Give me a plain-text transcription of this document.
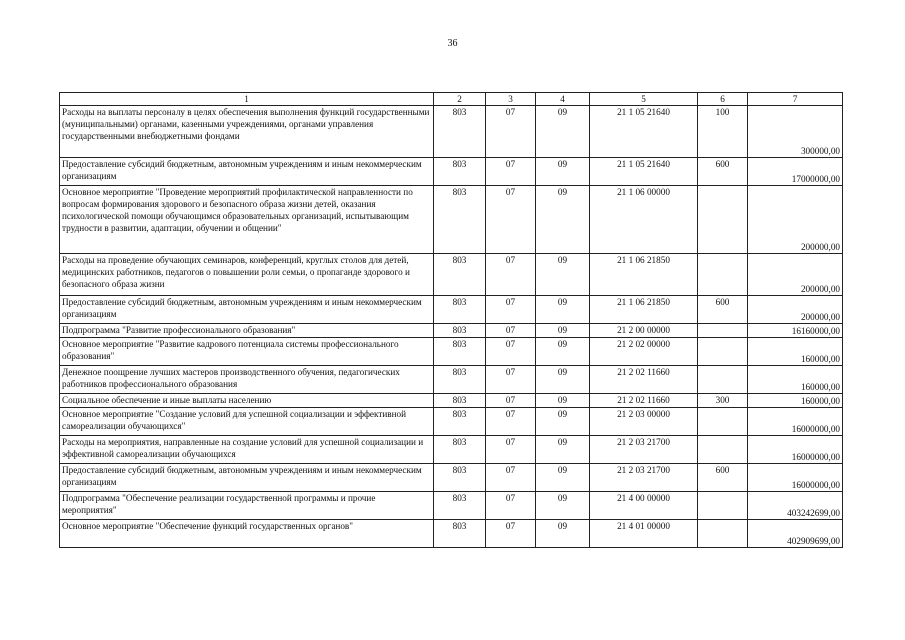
36
1	2	3	4	5	6	7
Расходы на выплаты персоналу в целях обеспечения выполнения функций государственными (муниципальными) органами, казенными учреждениями, органами управления государственными внебюджетными фондами	803	07	09	21 1 05 21640	100	300000,00
Предоставление субсидий бюджетным, автономным учреждениям и иным некоммерческим организациям	803	07	09	21 1 05 21640	600	17000000,00
Основное мероприятие "Проведение мероприятий профилактической направленности по вопросам формирования здорового и безопасного образа жизни детей, оказания психологической помощи обучающимся образовательных организаций, испытывающим трудности в развитии, адаптации, обучении и общении"	803	07	09	21 1 06 00000		200000,00
Расходы на проведение обучающих семинаров, конференций, круглых столов для детей, медицинских работников, педагогов о повышении роли семьи, о пропаганде здорового и безопасного образа жизни	803	07	09	21 1 06 21850		200000,00
Предоставление субсидий бюджетным, автономным учреждениям и иным некоммерческим организациям	803	07	09	21 1 06 21850	600	200000,00
Подпрограмма "Развитие профессионального образования"	803	07	09	21 2 00 00000		16160000,00
Основное мероприятие "Развитие кадрового потенциала системы профессионального образования"	803	07	09	21 2 02 00000		160000,00
Денежное поощрение лучших мастеров производственного обучения, педагогических работников профессионального образования	803	07	09	21 2 02 11660		160000,00
Социальное обеспечение и иные выплаты населению	803	07	09	21 2 02 11660	300	160000,00
Основное мероприятие "Создание условий для успешной социализации и эффективной самореализации обучающихся"	803	07	09	21 2 03 00000		16000000,00
Расходы на мероприятия, направленные на создание условий для успешной социализации и эффективной самореализации обучающихся	803	07	09	21 2 03 21700		16000000,00
Предоставление субсидий бюджетным, автономным учреждениям и иным некоммерческим организациям	803	07	09	21 2 03 21700	600	16000000,00
Подпрограмма "Обеспечение реализации государственной программы и прочие мероприятия"	803	07	09	21 4 00 00000		403242699,00
Основное мероприятие "Обеспечение функций государственных органов"	803	07	09	21 4 01 00000		402909699,00
